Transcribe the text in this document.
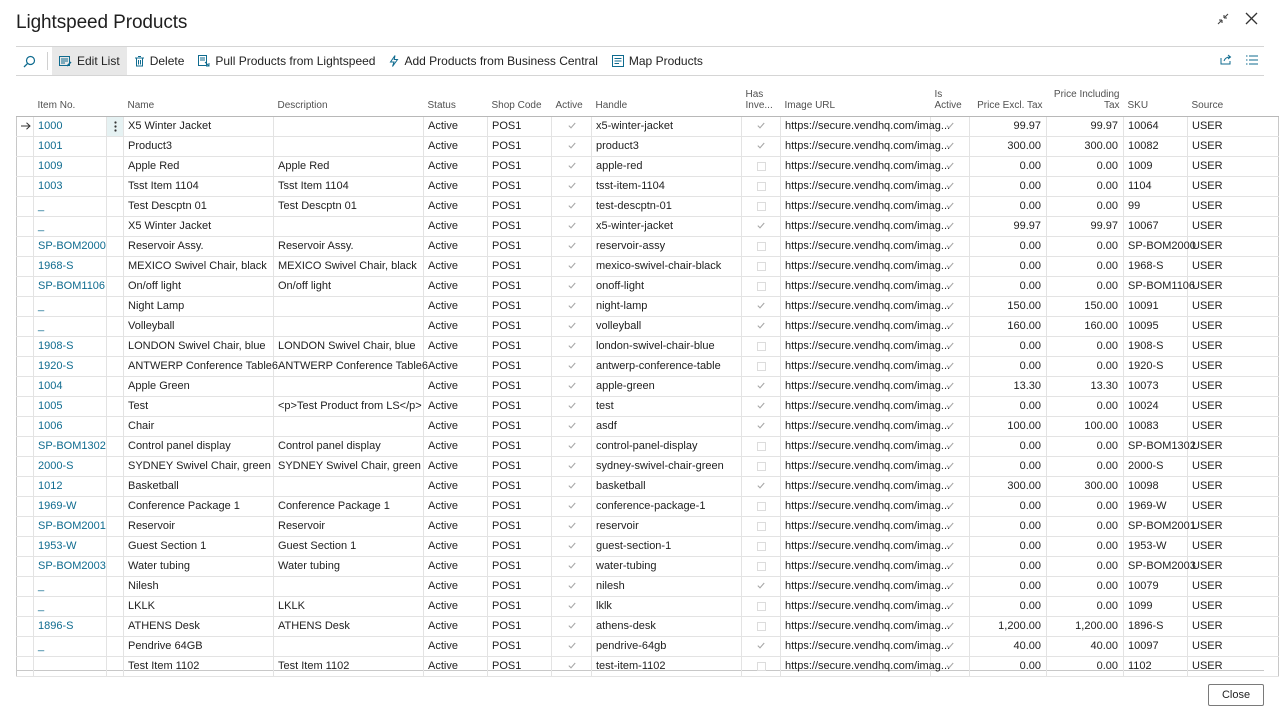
Lightspeed Products
Edit List	Delete	Pull Products from Lightspeed Add Products from Business Central	Map Products
	Item No.		Name	Description	Status	Shop Code	Active	Handle	Has
Inve...	Image URL	Is
Active	Price Excl. Tax	Price Including
Tax	SKU	Source

	1000		X5 Winter Jacket		Active	POS1		x5-winter-jacket		https://secure.vendhq.com/imag...		99.97	99.97	10064	USER
	1001		Product3		Active	POS1		product3		https://secure.vendhq.com/imag...		300.00	300.00	10082	USER
	1009		Apple Red	Apple Red	Active	POS1		apple-red		https://secure.vendhq.com/imag...		0.00	0.00	1009	USER
	1003		Tsst Item 1104	Tsst Item 1104	Active	POS1		tsst-item-1104		https://secure.vendhq.com/imag...		0.00	0.00	1104	USER
	_		Test Descptn 01	Test Descptn 01	Active	POS1		test-descptn-01		https://secure.vendhq.com/imag...		0.00	0.00	99	USER
	_		X5 Winter Jacket		Active	POS1		x5-winter-jacket		https://secure.vendhq.com/imag...		99.97	99.97	10067	USER
	SP-BOM2000		Reservoir Assy.	Reservoir Assy.	Active	POS1		reservoir-assy		https://secure.vendhq.com/imag...		0.00	0.00	SP-BOM2000	USER
	1968-S		MEXICO Swivel Chair, black	MEXICO Swivel Chair, black	Active	POS1		mexico-swivel-chair-black		https://secure.vendhq.com/imag...		0.00	0.00	1968-S	USER
	SP-BOM1106		On/off light	On/off light	Active	POS1		onoff-light		https://secure.vendhq.com/imag...		0.00	0.00	SP-BOM1106	USER
	_		Night Lamp		Active	POS1		night-lamp		https://secure.vendhq.com/imag...		150.00	150.00	10091	USER
	_		Volleyball		Active	POS1		volleyball		https://secure.vendhq.com/imag...		160.00	160.00	10095	USER
	1908-S		LONDON Swivel Chair, blue	LONDON Swivel Chair, blue	Active	POS1		london-swivel-chair-blue		https://secure.vendhq.com/imag...		0.00	0.00	1908-S	USER
	1920-S		ANTWERP Conference Table6	ANTWERP Conference Table6	Active	POS1		antwerp-conference-table		https://secure.vendhq.com/imag...		0.00	0.00	1920-S	USER
	1004		Apple Green		Active	POS1		apple-green		https://secure.vendhq.com/imag...		13.30	13.30	10073	USER
	1005		Test	<p>Test Product from LS</p>	Active	POS1		test		https://secure.vendhq.com/imag...		0.00	0.00	10024	USER
	1006		Chair		Active	POS1		asdf		https://secure.vendhq.com/imag...		100.00	100.00	10083	USER
	SP-BOM1302		Control panel display	Control panel display	Active	POS1		control-panel-display		https://secure.vendhq.com/imag...		0.00	0.00	SP-BOM1302	USER
	2000-S		SYDNEY Swivel Chair, green	SYDNEY Swivel Chair, green	Active	POS1		sydney-swivel-chair-green		https://secure.vendhq.com/imag...		0.00	0.00	2000-S	USER
	1012		Basketball		Active	POS1		basketball		https://secure.vendhq.com/imag...		300.00	300.00	10098	USER
	1969-W		Conference Package 1	Conference Package 1	Active	POS1		conference-package-1		https://secure.vendhq.com/imag...		0.00	0.00	1969-W	USER
	SP-BOM2001		Reservoir	Reservoir	Active	POS1		reservoir		https://secure.vendhq.com/imag...		0.00	0.00	SP-BOM2001	USER
	1953-W		Guest Section 1	Guest Section 1	Active	POS1		guest-section-1		https://secure.vendhq.com/imag...		0.00	0.00	1953-W	USER
	SP-BOM2003		Water tubing	Water tubing	Active	POS1		water-tubing		https://secure.vendhq.com/imag...		0.00	0.00	SP-BOM2003	USER
	_		Nilesh		Active	POS1		nilesh		https://secure.vendhq.com/imag...		0.00	0.00	10079	USER
	_		LKLK	LKLK	Active	POS1		lklk		https://secure.vendhq.com/imag...		0.00	0.00	1099	USER
	1896-S		ATHENS Desk	ATHENS Desk	Active	POS1		athens-desk		https://secure.vendhq.com/imag...		1,200.00	1,200.00	1896-S	USER
	_		Pendrive 64GB		Active	POS1		pendrive-64gb		https://secure.vendhq.com/imag...		40.00	40.00	10097	USER
			Test Item 1102	Test Item 1102	Active	POS1		test-item-1102		https://secure.vendhq.com/imag...		0.00	0.00	1102	USER
Close
